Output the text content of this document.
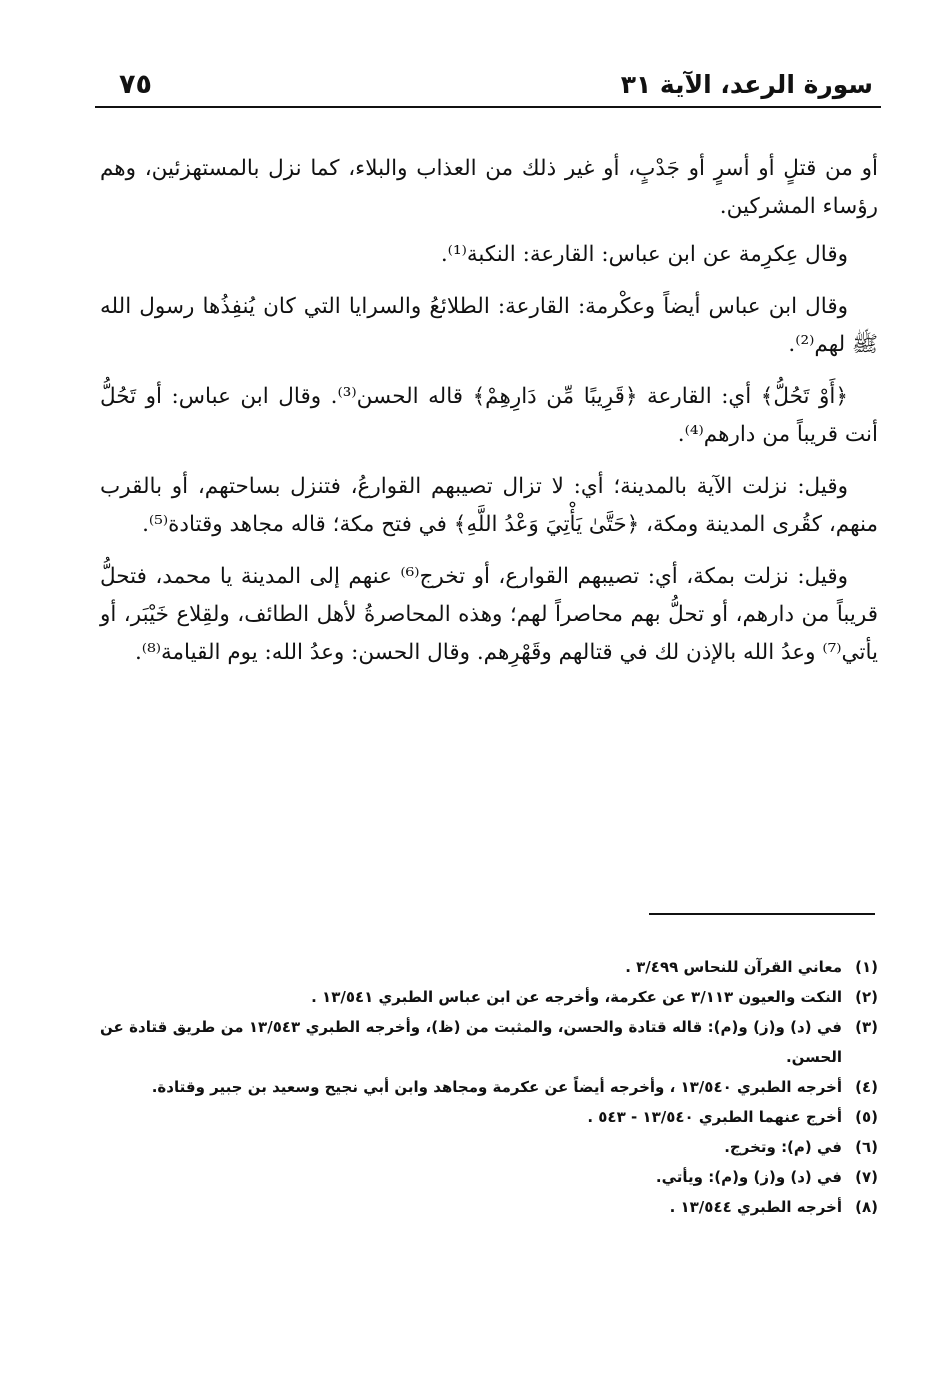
سورة الرعد، الآية ٣١
٧٥

أو من قتلٍ أو أسرٍ أو جَدْبٍ، أو غير ذلك من العذاب والبلاء، كما نزل بالمستهزئين، وهم رؤساء المشركين.

وقال عِكرِمة عن ابن عباس: القارعة: النكبة⁽¹⁾.

وقال ابن عباس أيضاً وعكْرمة: القارعة: الطلائعُ والسرايا التي كان يُنفِذُها رسول الله ﷺ لهم⁽²⁾.

﴿أَوْ تَحُلُّ﴾ أي: القارعة ﴿قَرِيبًا مِّن دَارِهِمْ﴾ قاله الحسن⁽³⁾. وقال ابن عباس: أو تَحُلُّ أنت قريباً من دارهم⁽⁴⁾.

وقيل: نزلت الآية بالمدينة؛ أي: لا تزال تصيبهم القوارعُ، فتنزل بساحتهم، أو بالقرب منهم، كقُرى المدينة ومكة، ﴿حَتَّىٰ يَأْتِيَ وَعْدُ اللَّهِ﴾ في فتح مكة؛ قاله مجاهد وقتادة⁽⁵⁾.

وقيل: نزلت بمكة، أي: تصيبهم القوارع، أو تخرج⁽⁶⁾ عنهم إلى المدينة يا محمد، فتحلُّ قريباً من دارهم، أو تحلُّ بهم محاصراً لهم؛ وهذه المحاصرةُ لأهل الطائف، ولقِلاع خَيْبَر، أو يأتي⁽⁷⁾ وعدُ الله بالإذن لك في قتالهم وقَهْرِهم. وقال الحسن: وعدُ الله: يوم القيامة⁽⁸⁾.

(١)
معاني القرآن للنحاس ٣/٤٩٩ .

(٢)
النكت والعيون ٣/١١٣ عن عكرمة، وأخرجه عن ابن عباس الطبري ١٣/٥٤١ .

(٣)
في (د) و(ز) و(م): قاله قتادة والحسن، والمثبت من (ظ)، وأخرجه الطبري ١٣/٥٤٣ من طريق قتادة عن الحسن.

(٤)
أخرجه الطبري ١٣/٥٤٠ ، وأخرجه أيضاً عن عكرمة ومجاهد وابن أبي نجيح وسعيد بن جبير وقتادة.

(٥)
أخرج عنهما الطبري ١٣/٥٤٠ - ٥٤٣ .

(٦)
في (م): وتخرج.

(٧)
في (د) و(ز) و(م): ويأتي.

(٨)
أخرجه الطبري ١٣/٥٤٤ .
